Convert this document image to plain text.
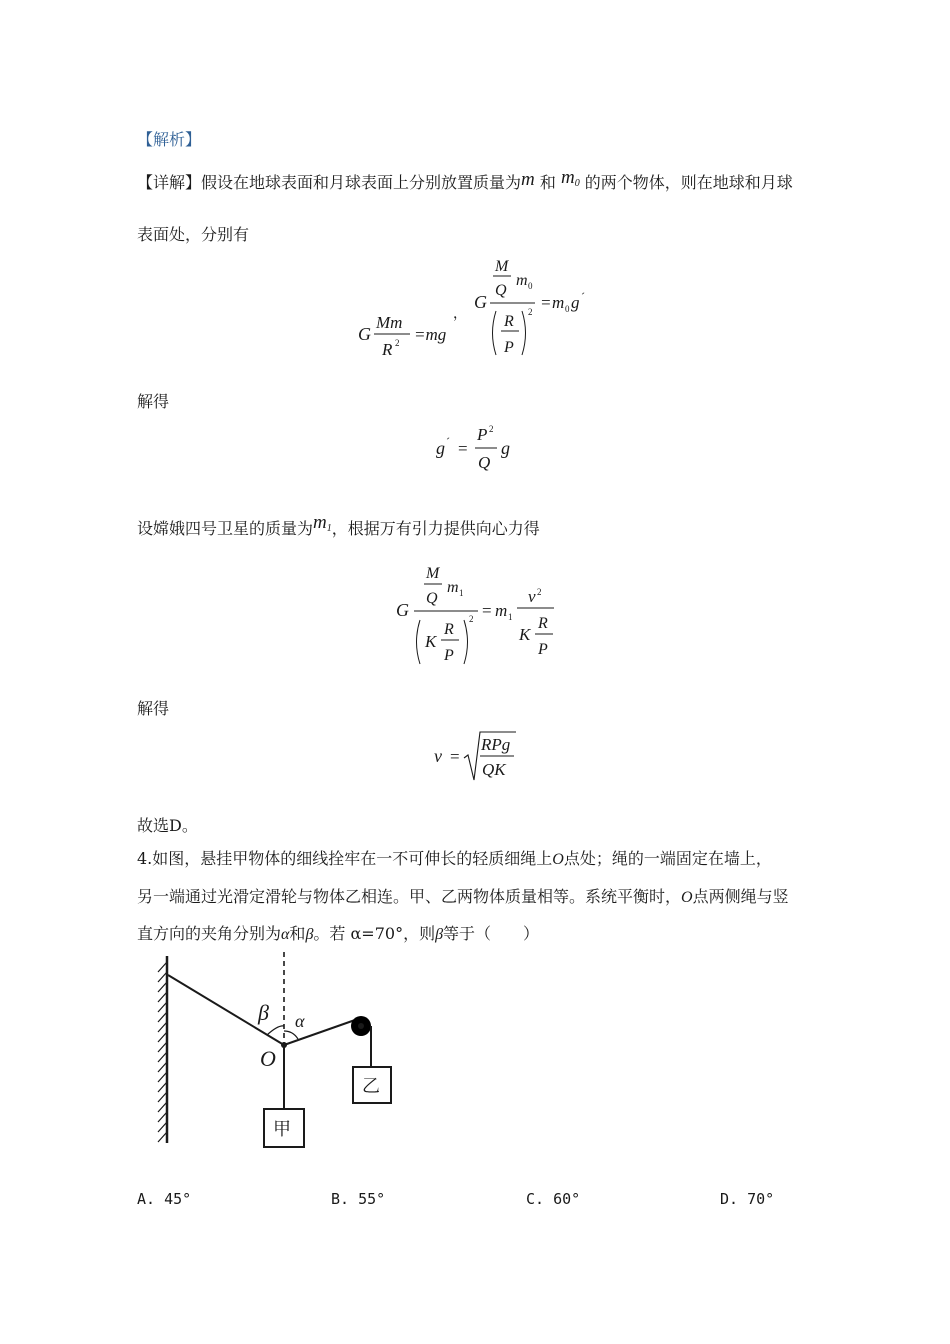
【解析】
【详解】假设在地球表面和月球表面上分别放置质量为m 和 m0 的两个物体，则在地球和月球
表面处，分别有
G
Mm
R 2 =mg
，
G
M
Q
m 0
R
P
2 = m 0 g ´
解得
g ´ =
P 2
Q
g
设嫦娥四号卫星的质量为m1，根据万有引力提供向心力得
G
M
Q
m 1
K
R
P
2 = m 1
v 2
K
R
P
解得
v =
RPg
QK
故选D。
4.如图，悬挂甲物体的细线拴牢在一不可伸长的轻质细绳上O点处；绳的一端固定在墙上，
另一端通过光滑定滑轮与物体乙相连。甲、乙两物体质量相等。系统平衡时，O点两侧绳与竖
直方向的夹角分别为α和β。若 α=70°，则β等于（　　）
β α
O
乙
甲
A. 45°	B. 55°	C. 60°	D. 70°
